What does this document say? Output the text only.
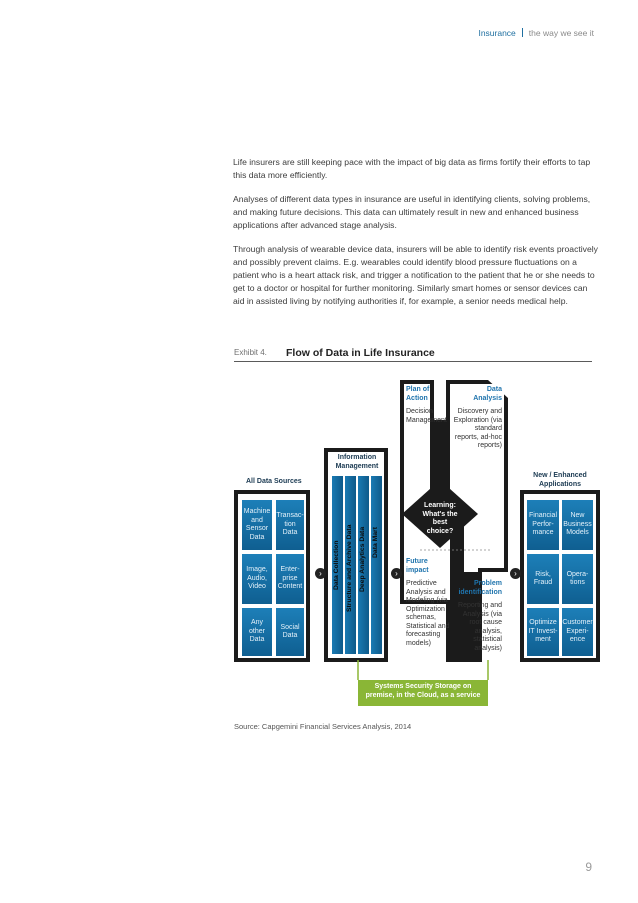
Insurance the way we see it

Life insurers are still keeping pace with the impact of big data as firms fortify their efforts to tap this data more efficiently.

Analyses of different data types in insurance are useful in identifying clients, solving problems, and making future decisions. This data can ultimately result in new and enhanced business applications after advanced stage analysis.

Through analysis of wearable device data, insurers will be able to identify risk events proactively and possibly prevent claims. E.g. wearables could identify blood pressure fluctuations on a patient who is a heart attack risk, and trigger a notification to the patient that he or she needs to get to a doctor or hospital for further monitoring. Similarly smart homes or sensor devices can aid in assisted living by notifying authorities if, for example, a senior needs medical help.

Exhibit 4. Flow of Data in Life Insurance
All Data Sources
Machine and Sensor Data
Transac-tion Data
Image, Audio, Video
Enter-prise Content
Any other Data
Social Data
›
Information Management
Data Collection Structure and Archive Data Deep Analytics Data Data Mart
›
Plan of Action
Decision Management
Data Analysis
Discovery and Exploration (via standard reports, ad-hoc reports)
Learning: What's the best choice?
Future impact
Predictive Analysis and Modeling (via Optimization schemas, Statistical and forecasting models)
Problem identification
Reporting and Analysis (via root cause analysis, statistical analysis)
›
New / Enhanced Applications
Financial Perfor-mance
New Business Models
Risk, Fraud
Opera-tions
Optimize IT Invest-ment
Customer Experi-ence
Systems Security Storage on premise, in the Cloud, as a service
Source: Capgemini Financial Services Analysis, 2014
9
